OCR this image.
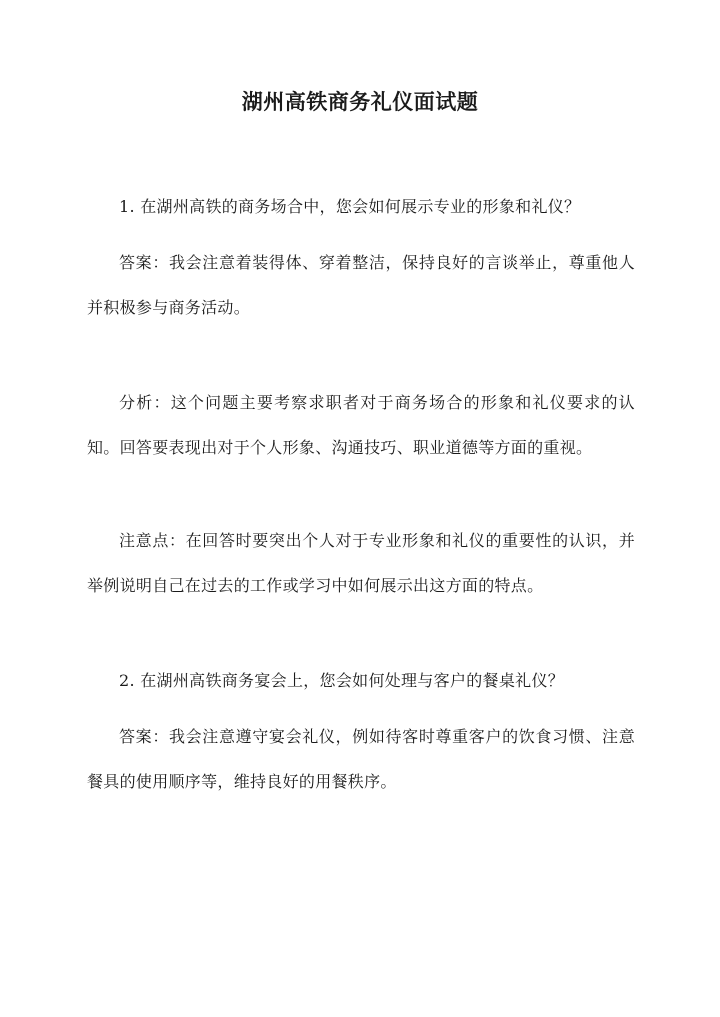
湖州高铁商务礼仪面试题

1. 在湖州高铁的商务场合中，您会如何展示专业的形象和礼仪？

答案：我会注意着装得体、穿着整洁，保持良好的言谈举止，尊重他人并积极参与商务活动。

分析：这个问题主要考察求职者对于商务场合的形象和礼仪要求的认知。回答要表现出对于个人形象、沟通技巧、职业道德等方面的重视。

注意点：在回答时要突出个人对于专业形象和礼仪的重要性的认识，并举例说明自己在过去的工作或学习中如何展示出这方面的特点。

2. 在湖州高铁商务宴会上，您会如何处理与客户的餐桌礼仪？

答案：我会注意遵守宴会礼仪，例如待客时尊重客户的饮食习惯、注意餐具的使用顺序等，维持良好的用餐秩序。
